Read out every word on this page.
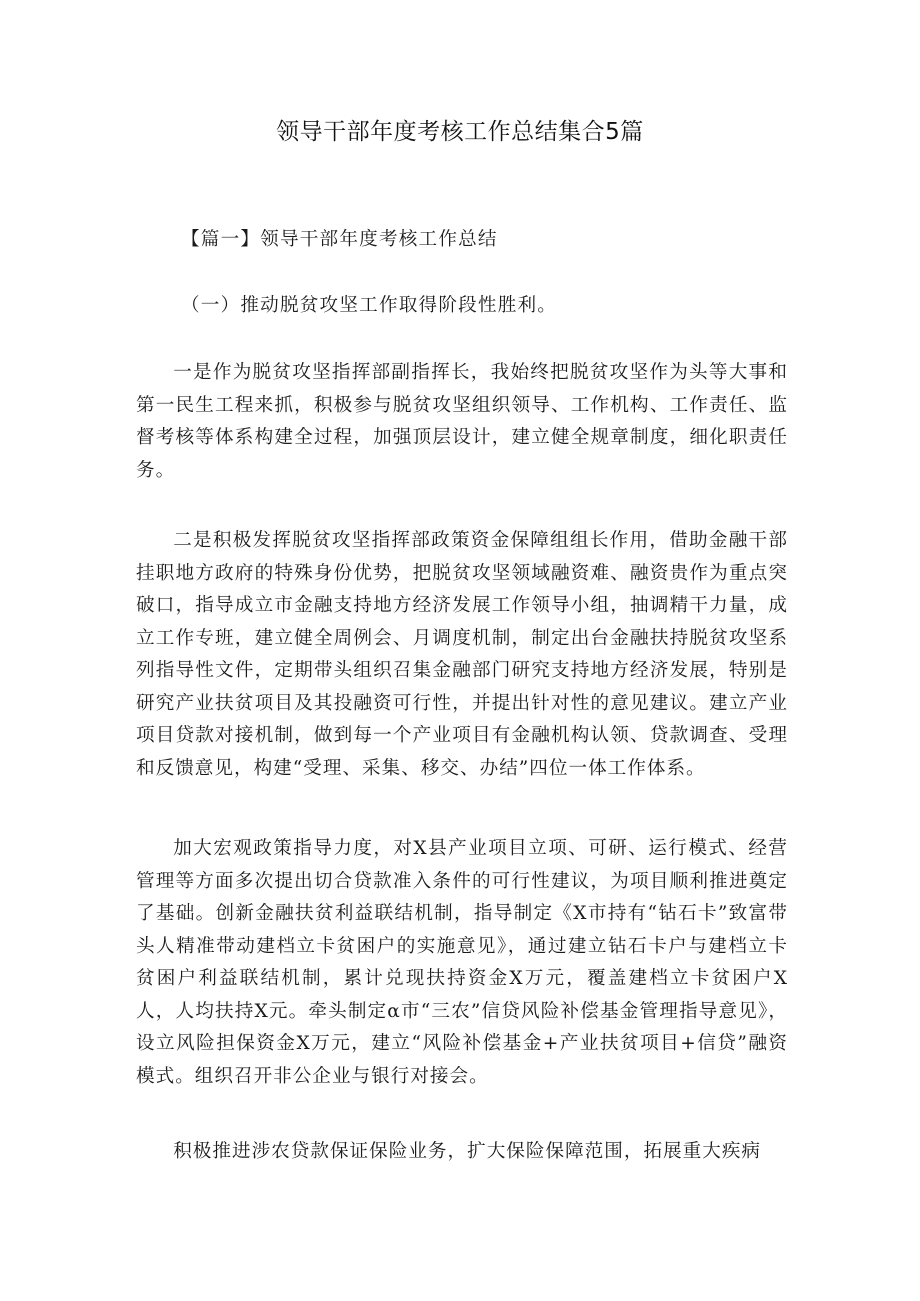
领导干部年度考核工作总结集合5篇

【篇一】领导干部年度考核工作总结

（一）推动脱贫攻坚工作取得阶段性胜利。

一是作为脱贫攻坚指挥部副指挥长，我始终把脱贫攻坚作为头等大事和第一民生工程来抓，积极参与脱贫攻坚组织领导、工作机构、工作责任、监督考核等体系构建全过程，加强顶层设计，建立健全规章制度，细化职责任务。

二是积极发挥脱贫攻坚指挥部政策资金保障组组长作用，借助金融干部挂职地方政府的特殊身份优势，把脱贫攻坚领域融资难、融资贵作为重点突破口，指导成立市金融支持地方经济发展工作领导小组，抽调精干力量，成立工作专班，建立健全周例会、月调度机制，制定出台金融扶持脱贫攻坚系列指导性文件，定期带头组织召集金融部门研究支持地方经济发展，特别是研究产业扶贫项目及其投融资可行性，并提出针对性的意见建议。建立产业项目贷款对接机制，做到每一个产业项目有金融机构认领、贷款调查、受理和反馈意见，构建“受理、采集、移交、办结”四位一体工作体系。

加大宏观政策指导力度，对X县产业项目立项、可研、运行模式、经营管理等方面多次提出切合贷款准入条件的可行性建议，为项目顺利推进奠定了基础。创新金融扶贫利益联结机制，指导制定《X市持有“钻石卡”致富带头人精准带动建档立卡贫困户的实施意见》，通过建立钻石卡户与建档立卡贫困户利益联结机制，累计兑现扶持资金X万元，覆盖建档立卡贫困户X人，人均扶持X元。牵头制定α市“三农”信贷风险补偿基金管理指导意见》，设立风险担保资金X万元，建立“风险补偿基金+产业扶贫项目+信贷”融资模式。组织召开非公企业与银行对接会。

积极推进涉农贷款保证保险业务，扩大保险保障范围，拓展重大疾病
